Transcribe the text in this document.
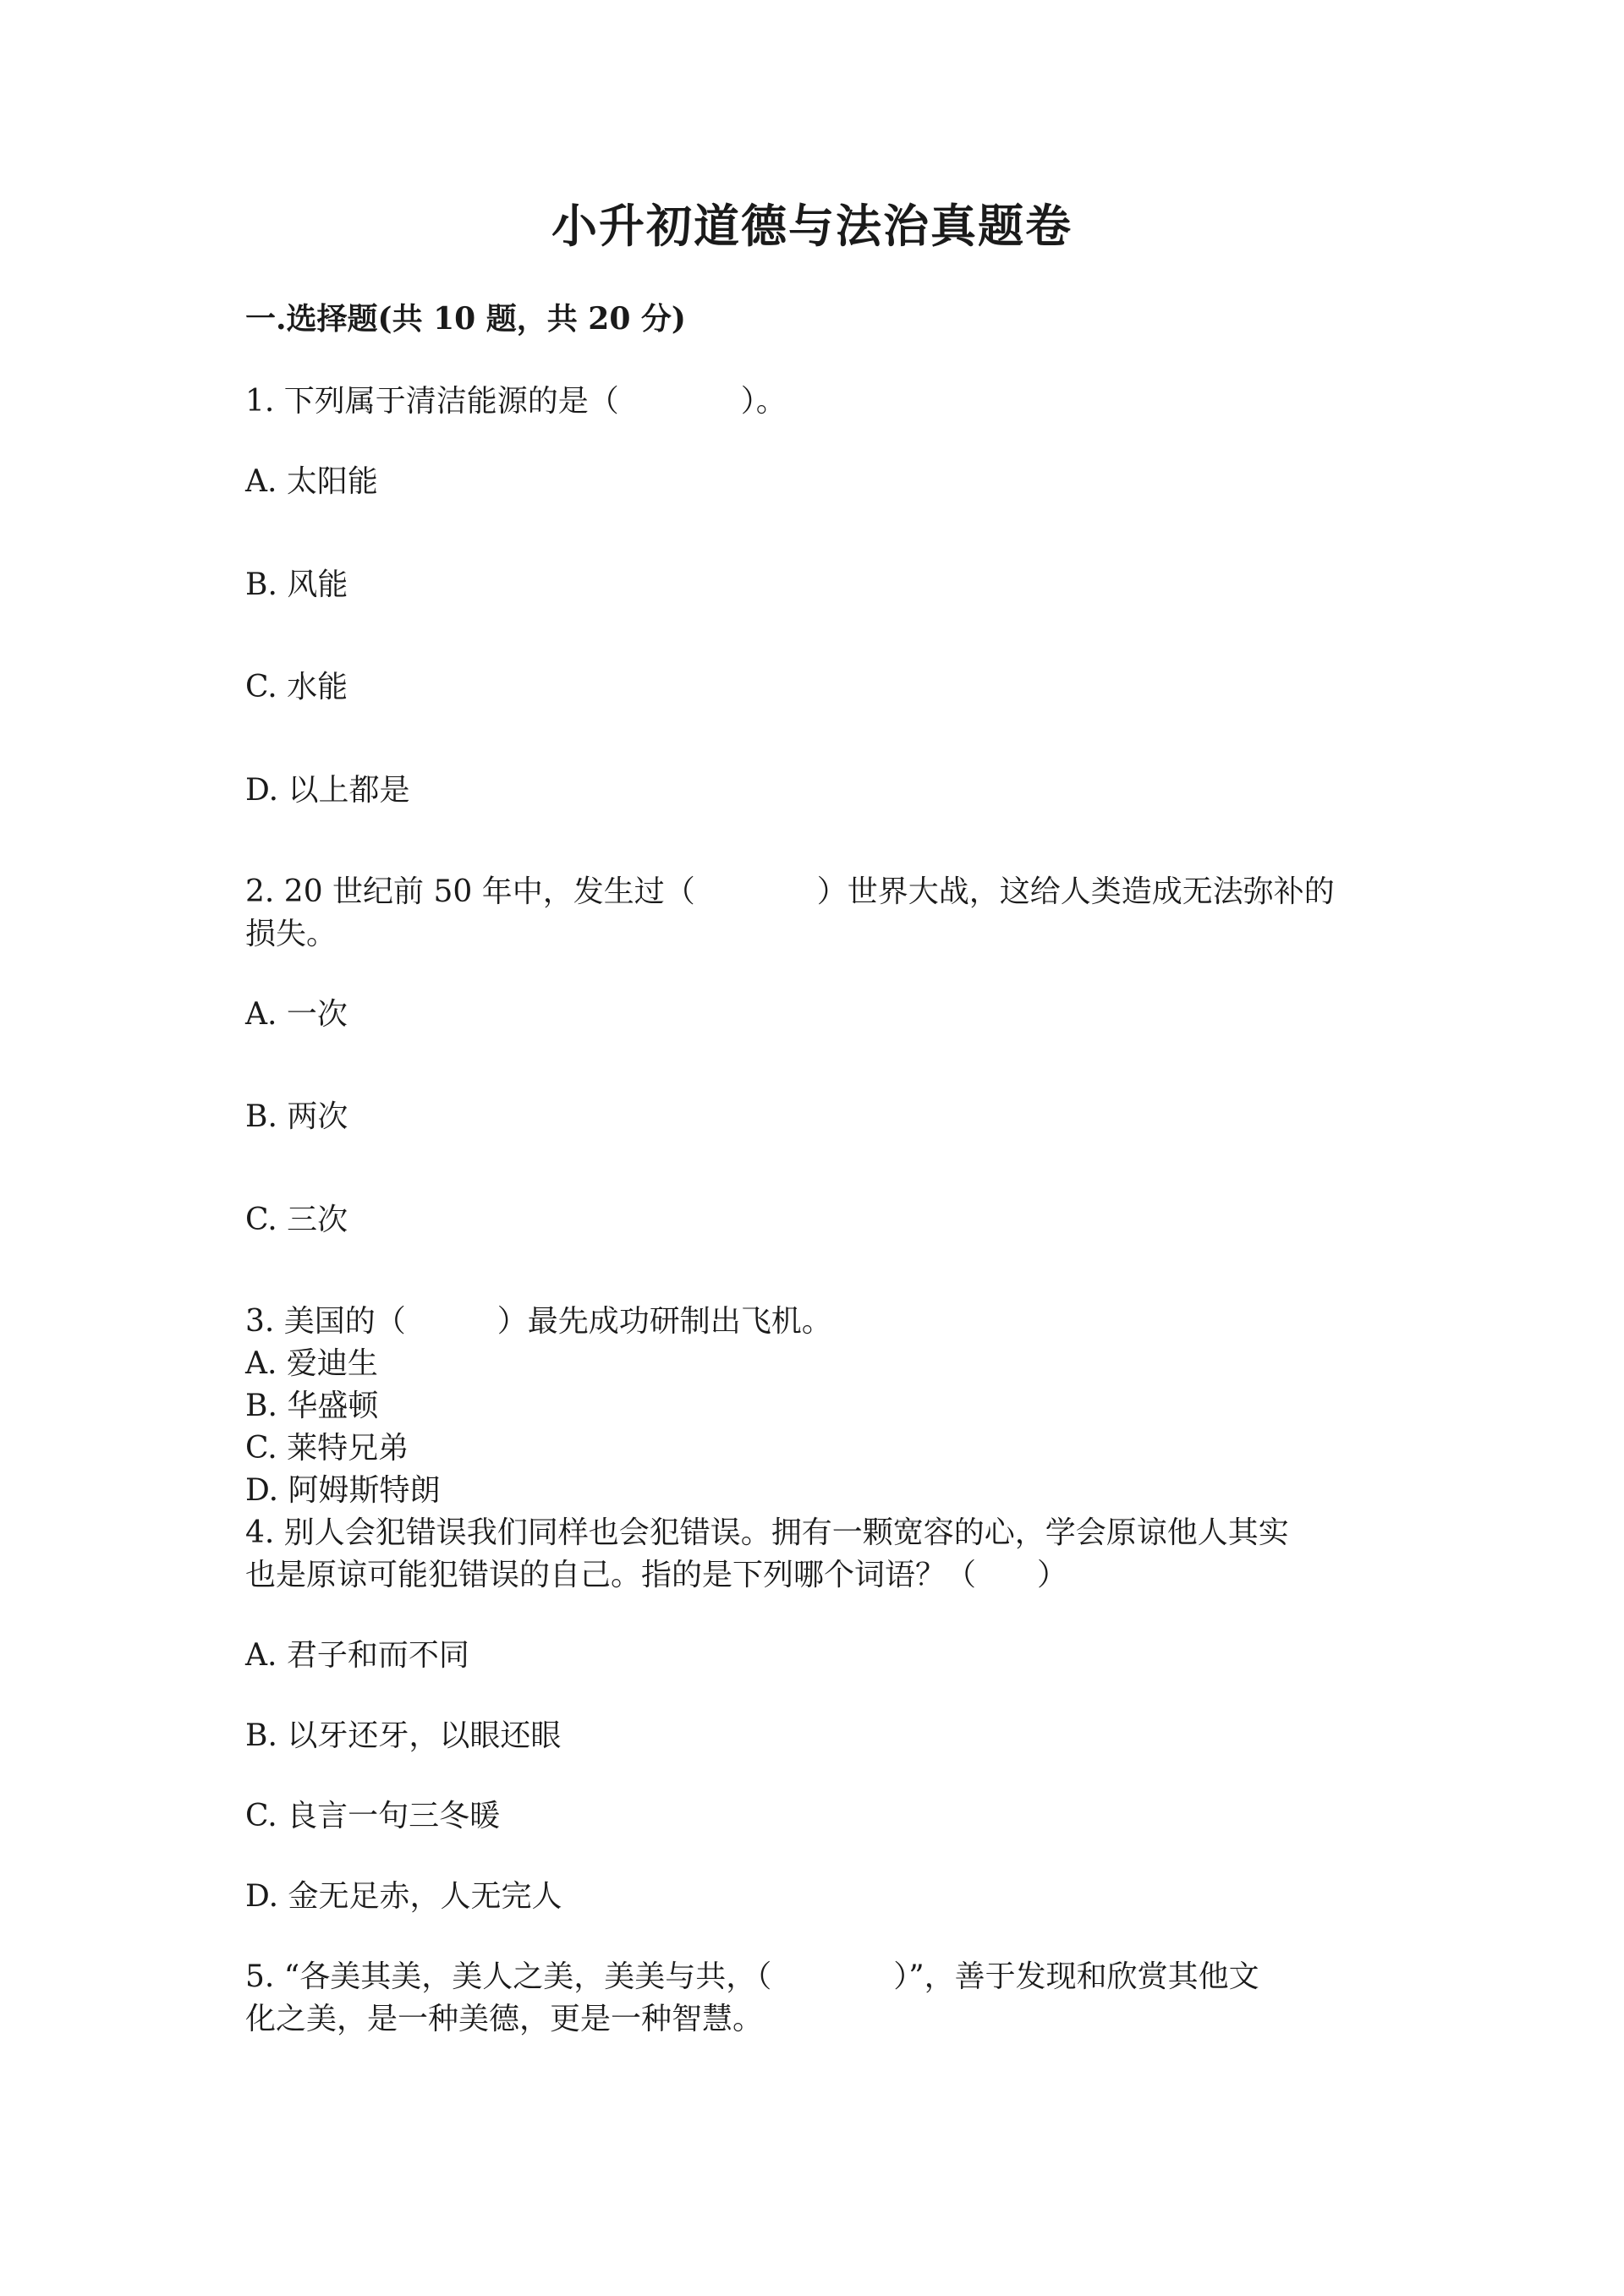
小升初道德与法治真题卷
一.选择题(共 10 题，共 20 分)
1. 下列属于清洁能源的是（　　　　）。
A. 太阳能
B. 风能
C. 水能
D. 以上都是
2. 20 世纪前 50 年中，发生过（　　　　）世界大战，这给人类造成无法弥补的
损失。
A. 一次
B. 两次
C. 三次
3. 美国的（　　　）最先成功研制出飞机。
A. 爱迪生
B. 华盛顿
C. 莱特兄弟
D. 阿姆斯特朗
4. 别人会犯错误我们同样也会犯错误。拥有一颗宽容的心，学会原谅他人其实
也是原谅可能犯错误的自己。指的是下列哪个词语？（　　）
A. 君子和而不同
B. 以牙还牙，以眼还眼
C. 良言一句三冬暖
D. 金无足赤，人无完人
5. “各美其美，美人之美，美美与共，（　　　　）”，善于发现和欣赏其他文
化之美，是一种美德，更是一种智慧。
